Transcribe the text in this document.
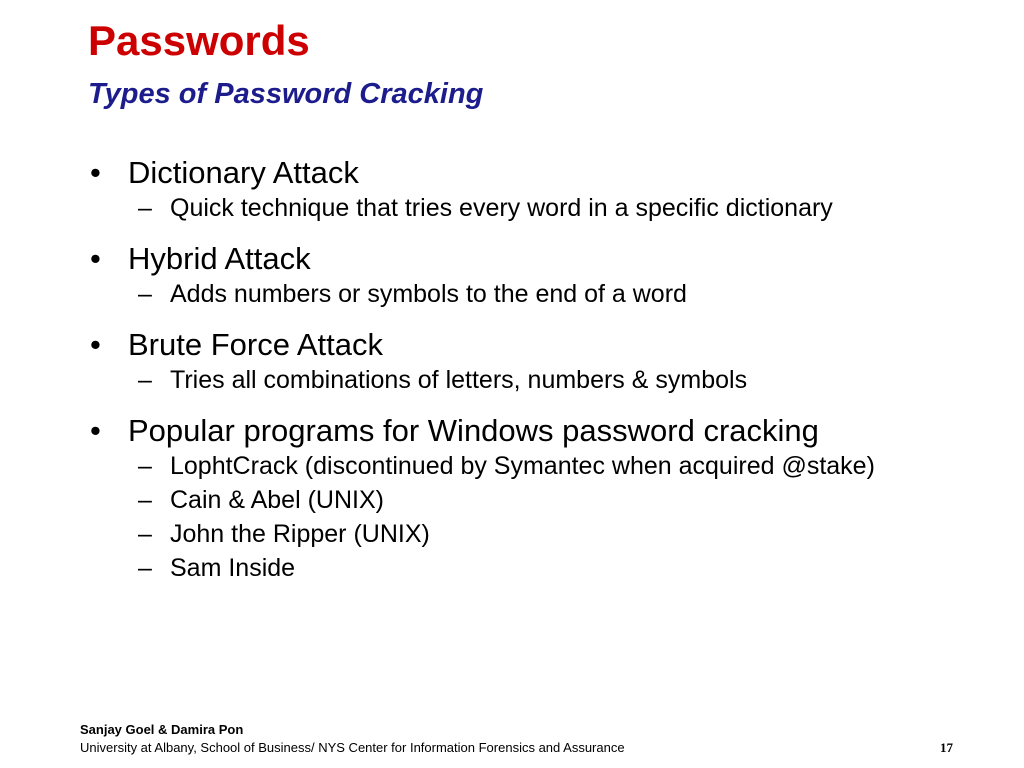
Passwords
Types of Password Cracking
• Dictionary Attack
– Quick technique that tries every word in a specific dictionary
• Hybrid Attack
– Adds numbers or symbols to the end of a word
• Brute Force Attack
– Tries all combinations of letters, numbers & symbols
• Popular programs for Windows password cracking
– LophtCrack (discontinued by Symantec when acquired @stake)
– Cain & Abel (UNIX)
– John the Ripper (UNIX)
– Sam Inside
Sanjay Goel & Damira Pon
University at Albany, School of Business/ NYS Center for Information Forensics and Assurance	17
